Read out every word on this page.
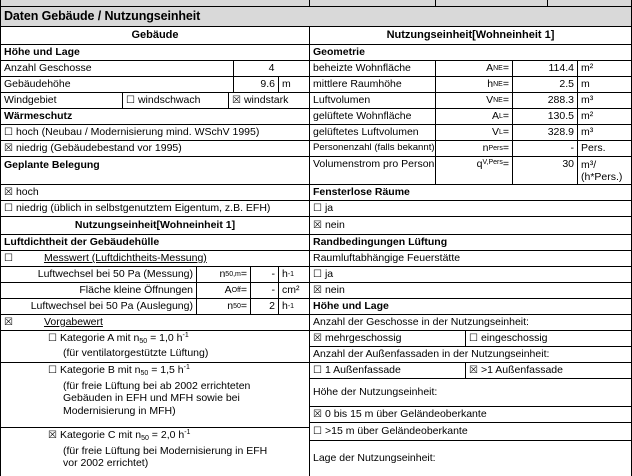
Daten Gebäude / Nutzungseinheit
Gebäude	Nutzungseinheit[Wohneinheit 1]
Höhe und Lage
Anzahl Geschosse	4
Gebäudehöhe	9.6 m
Windgebiet	☐ windschwach	☒ windstark
Wärmeschutz
☐ hoch (Neubau / Modernisierung mind. WSchV 1995)
☒ niedrig (Gebäudebestand vor 1995)
Geplante Belegung
☒ hoch
☐ niedrig (üblich in selbstgenutztem Eigentum, z.B. EFH)
Nutzungseinheit[Wohneinheit 1]
Luftdichtheit der Gebäudehülle
☐	Messwert (Luftdichtheits-Messung)
Luftwechsel bei 50 Pa (Messung)	n 50,m =	- h -1
Fläche kleine Öffnungen	A Off =	- cm²
Luftwechsel bei 50 Pa (Auslegung)	n 50 =	2 h -1
☒	Vorgabewert
☐ Kategorie A mit $n_{50} = 1,0$ $h^{-1}$
(für ventilatorgestützte Lüftung)
☐ Kategorie B mit $n_{50} = 1,5$ $h^{-1}$
(für freie Lüftung bei ab 2002 errichteten
Gebäuden in EFH und MFH sowie bei
Modernisierung in MFH)
☒ Kategorie C mit $n_{50} = 2,0$ $h^{-1}$
(für freie Lüftung bei Modernisierung in EFH
vor 2002 errichtet)
Geometrie
beheizte Wohnfläche	A NE =	114.4 m²
mittlere Raumhöhe	h NE =	2.5 m
Luftvolumen	V NE =	288.3 m³
gelüftete Wohnfläche	A L =	130.5 m²
gelüftetes Luftvolumen	V L =	328.9 m³
Personenzahl (falls bekannt)	n Pers =	- Pers.
Volumenstrom pro Person	q V,Pers =	30 m³/
(h*Pers.)
Fensterlose Räume
☐ ja
☒ nein
Randbedingungen Lüftung
Raumluftabhängige Feuerstätte
☐ ja
☒ nein
Höhe und Lage
Anzahl der Geschosse in der Nutzungseinheit:
☒ mehrgeschossig	☐ eingeschossig
Anzahl der Außenfassaden in der Nutzungseinheit:
☐ 1 Außenfassade	☒ >1 Außenfassade
Höhe der Nutzungseinheit:
☒ 0 bis 15 m über Geländeoberkante
☐ >15 m über Geländeoberkante
Lage der Nutzungseinheit:
